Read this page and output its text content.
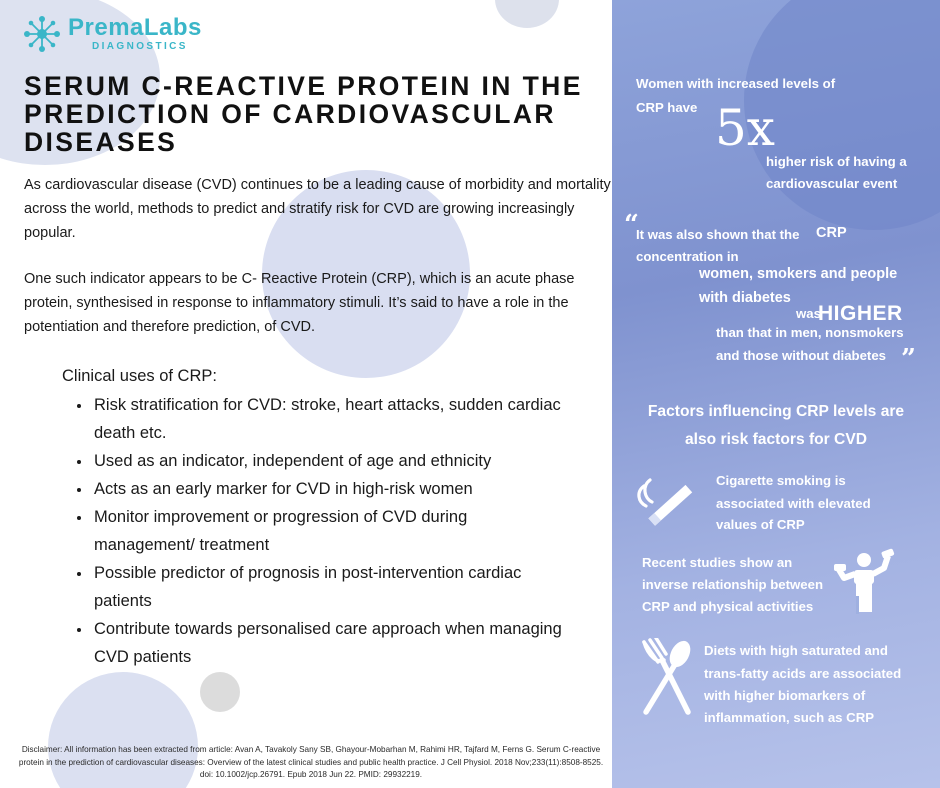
PremaLabs
DIAGNOSTICS
SERUM C-REACTIVE PROTEIN IN THE PREDICTION OF CARDIOVASCULAR DISEASES
As cardiovascular disease (CVD) continues to be a leading cause of morbidity and mortality across the world, methods to predict and stratify risk for CVD are growing increasingly popular.
One such indicator appears to be C- Reactive Protein (CRP), which is an acute phase protein, synthesised in response to inflammatory stimuli. It’s said to have a role in the potentiation and therefore prediction, of CVD.
Clinical uses of CRP:
• Risk stratification for CVD: stroke, heart attacks, sudden cardiac death etc.
• Used as an indicator, independent of age and ethnicity
• Acts as an early marker for CVD in high-risk women
• Monitor improvement or progression of CVD during management/ treatment
• Possible predictor of prognosis in post-intervention cardiac patients
• Contribute towards personalised care approach when managing CVD patients
Disclaimer: All information has been extracted from article: Avan A, Tavakoly Sany SB, Ghayour-Mobarhan M, Rahimi HR, Tajfard M, Ferns G. Serum C-reactive protein in the prediction of cardiovascular diseases: Overview of the latest clinical studies and public health practice. J Cell Physiol. 2018 Nov;233(11):8508-8525. doi: 10.1002/jcp.26791. Epub 2018 Jun 22. PMID: 29932219.
Women with increased levels of
CRP have 5x
higher risk of having a
cardiovascular event
“
It was also shown that the CRP
concentration in
women, smokers and people
with diabetes
was
HIGHER
than that in men, nonsmokers
and those without diabetes ”
Factors influencing CRP levels are
also risk factors for CVD
Cigarette smoking is
associated with elevated
values of CRP
Recent studies show an
inverse relationship between
CRP and physical activities
Diets with high saturated and
trans-fatty acids are associated
with higher biomarkers of
inflammation, such as CRP
